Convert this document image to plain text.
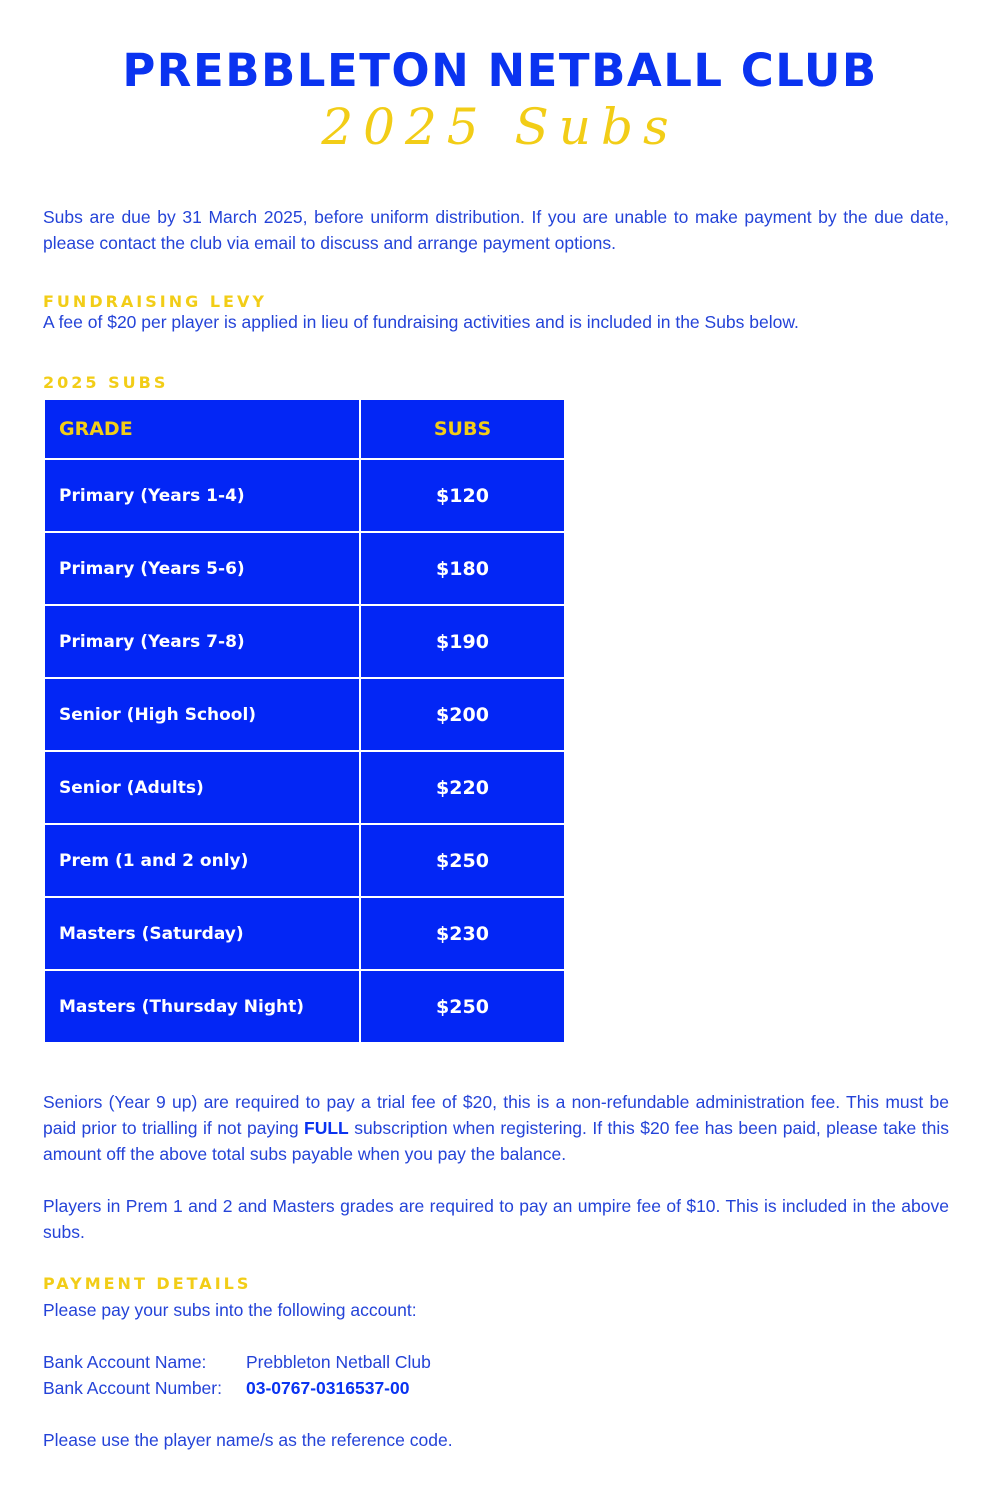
PREBBLETON NETBALL CLUB
2025 Subs

Subs are due by 31 March 2025, before uniform distribution. If you are unable to make payment by the due date, please contact the club via email to discuss and arrange payment options.

FUNDRAISING LEVY

A fee of $20 per player is applied in lieu of fundraising activities and is included in the Subs below.

2025 SUBS
GRADE	SUBS
Primary (Years 1-4)	$120
Primary (Years 5-6)	$180
Primary (Years 7-8)	$190
Senior (High School)	$200
Senior (Adults)	$220
Prem (1 and 2 only)	$250
Masters (Saturday)	$230
Masters (Thursday Night)	$250

Seniors (Year 9 up) are required to pay a trial fee of $20, this is a non-refundable administration fee. This must be paid prior to trialling if not paying FULL subscription when registering. If this $20 fee has been paid, please take this amount off the above total subs payable when you pay the balance.

Players in Prem 1 and 2 and Masters grades are required to pay an umpire fee of $10. This is included in the above subs.

PAYMENT DETAILS

Please pay your subs into the following account:

Bank Account Name: Prebbleton Netball Club
Bank Account Number: 03-0767-0316537-00

Please use the player name/s as the reference code.
